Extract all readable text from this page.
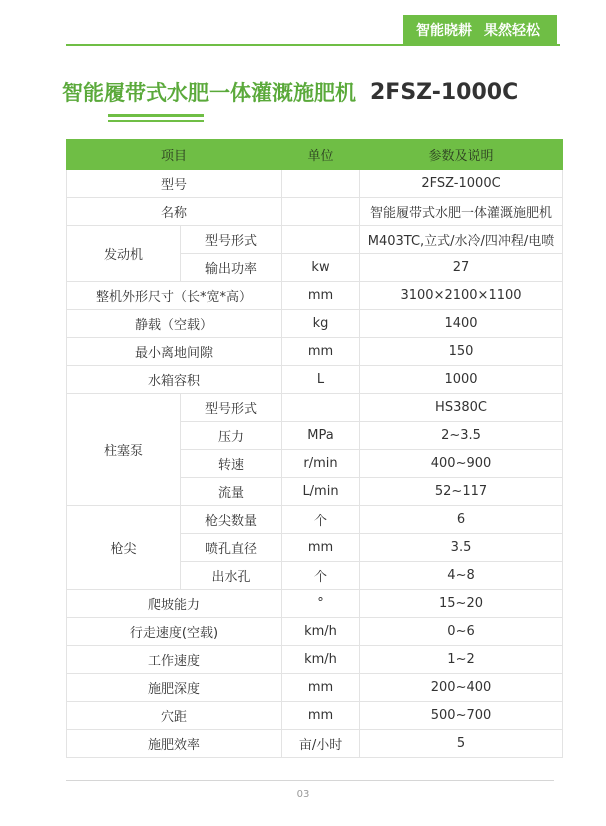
智能晓耕 果然轻松
智能履带式水肥一体灌溉施肥机 2FSZ-1000C
项目		单位	参数及说明
型号			2FSZ-1000C
名称			智能履带式水肥一体灌溉施肥机
发动机	型号形式		M403TC,立式/水冷/四冲程/电喷
	输出功率	kw	27
整机外形尺寸（长*宽*高）		mm	3100×2100×1100
静载（空载）		kg	1400
最小离地间隙		mm	150
水箱容积		L	1000
柱塞泵	型号形式		HS380C
	压力	MPa	2~3.5
	转速	r/min	400~900
	流量	L/min	52~117
枪尖	枪尖数量	个	6
	喷孔直径	mm	3.5
	出水孔	个	4~8
爬坡能力		°	15~20
行走速度(空载)		km/h	0~6
工作速度		km/h	1~2
施肥深度		mm	200~400
穴距		mm	500~700
施肥效率		亩/小时	5
03
